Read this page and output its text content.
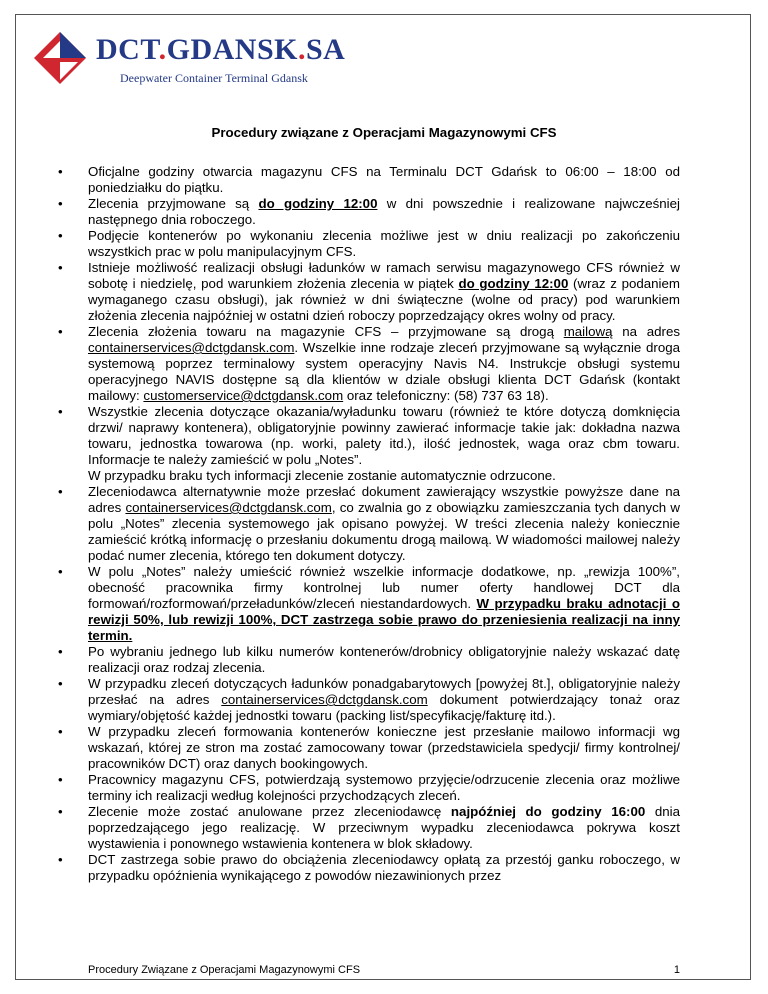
DCT.GDANSK.SA
Deepwater Container Terminal Gdansk
Procedury związane z Operacjami Magazynowymi CFS
• Oficjalne godziny otwarcia magazynu CFS na Terminalu DCT Gdańsk to 06:00 – 18:00 od poniedziałku do piątku.
• Zlecenia przyjmowane są do godziny 12:00 w dni powszednie i realizowane najwcześniej następnego dnia roboczego.
• Podjęcie kontenerów po wykonaniu zlecenia możliwe jest w dniu realizacji po zakończeniu wszystkich prac w polu manipulacyjnym CFS.
• Istnieje możliwość realizacji obsługi ładunków w ramach serwisu magazynowego CFS również w sobotę i niedzielę, pod warunkiem złożenia zlecenia w piątek do godziny 12:00 (wraz z podaniem wymaganego czasu obsługi), jak również w dni świąteczne (wolne od pracy) pod warunkiem złożenia zlecenia najpóźniej w ostatni dzień roboczy poprzedzający okres wolny od pracy.
• Zlecenia złożenia towaru na magazynie CFS – przyjmowane są drogą mailową na adres containerservices@dctgdansk.com. Wszelkie inne rodzaje zleceń przyjmowane są wyłącznie droga systemową poprzez terminalowy system operacyjny Navis N4. Instrukcje obsługi systemu operacyjnego NAVIS dostępne są dla klientów w dziale obsługi klienta DCT Gdańsk (kontakt mailowy: customerservice@dctgdansk.com oraz telefoniczny: (58) 737 63 18).
• Wszystkie zlecenia dotyczące okazania/wyładunku towaru (również te które dotyczą domknięcia drzwi/ naprawy kontenera), obligatoryjnie powinny zawierać informacje takie jak: dokładna nazwa towaru, jednostka towarowa (np. worki, palety itd.), ilość jednostek, waga oraz cbm towaru. Informacje te należy zamieścić w polu „Notes”.
W przypadku braku tych informacji zlecenie zostanie automatycznie odrzucone.
• Zleceniodawca alternatywnie może przesłać dokument zawierający wszystkie powyższe dane na adres containerservices@dctgdansk.com, co zwalnia go z obowiązku zamieszczania tych danych w polu „Notes” zlecenia systemowego jak opisano powyżej. W treści zlecenia należy koniecznie zamieścić krótką informację o przesłaniu dokumentu drogą mailową. W wiadomości mailowej należy podać numer zlecenia, którego ten dokument dotyczy.
• W polu „Notes” należy umieścić również wszelkie informacje dodatkowe, np. „rewizja 100%”, obecność pracownika firmy kontrolnej lub numer oferty handlowej DCT dla formowań/rozformowań/przeładunków/zleceń niestandardowych. W przypadku braku adnotacji o rewizji 50%, lub rewizji 100%, DCT zastrzega sobie prawo do przeniesienia realizacji na inny termin.
• Po wybraniu jednego lub kilku numerów kontenerów/drobnicy obligatoryjnie należy wskazać datę realizacji oraz rodzaj zlecenia.
• W przypadku zleceń dotyczących ładunków ponadgabarytowych [powyżej 8t.], obligatoryjnie należy przesłać na adres containerservices@dctgdansk.com dokument potwierdzający tonaż oraz wymiary/objętość każdej jednostki towaru (packing list/specyfikację/fakturę itd.).
• W przypadku zleceń formowania kontenerów konieczne jest przesłanie mailowo informacji wg wskazań, której ze stron ma zostać zamocowany towar (przedstawiciela spedycji/ firmy kontrolnej/ pracowników DCT) oraz danych bookingowych.
• Pracownicy magazynu CFS, potwierdzają systemowo przyjęcie/odrzucenie zlecenia oraz możliwe terminy ich realizacji według kolejności przychodzących zleceń.
• Zlecenie może zostać anulowane przez zleceniodawcę najpóźniej do godziny 16:00 dnia poprzedzającego jego realizację. W przeciwnym wypadku zleceniodawca pokrywa koszt wystawienia i ponownego wstawienia kontenera w blok składowy.
• DCT zastrzega sobie prawo do obciążenia zleceniodawcy opłatą za przestój ganku roboczego, w przypadku opóźnienia wynikającego z powodów niezawinionych przez
Procedury Związane z Operacjami Magazynowymi CFS	1
